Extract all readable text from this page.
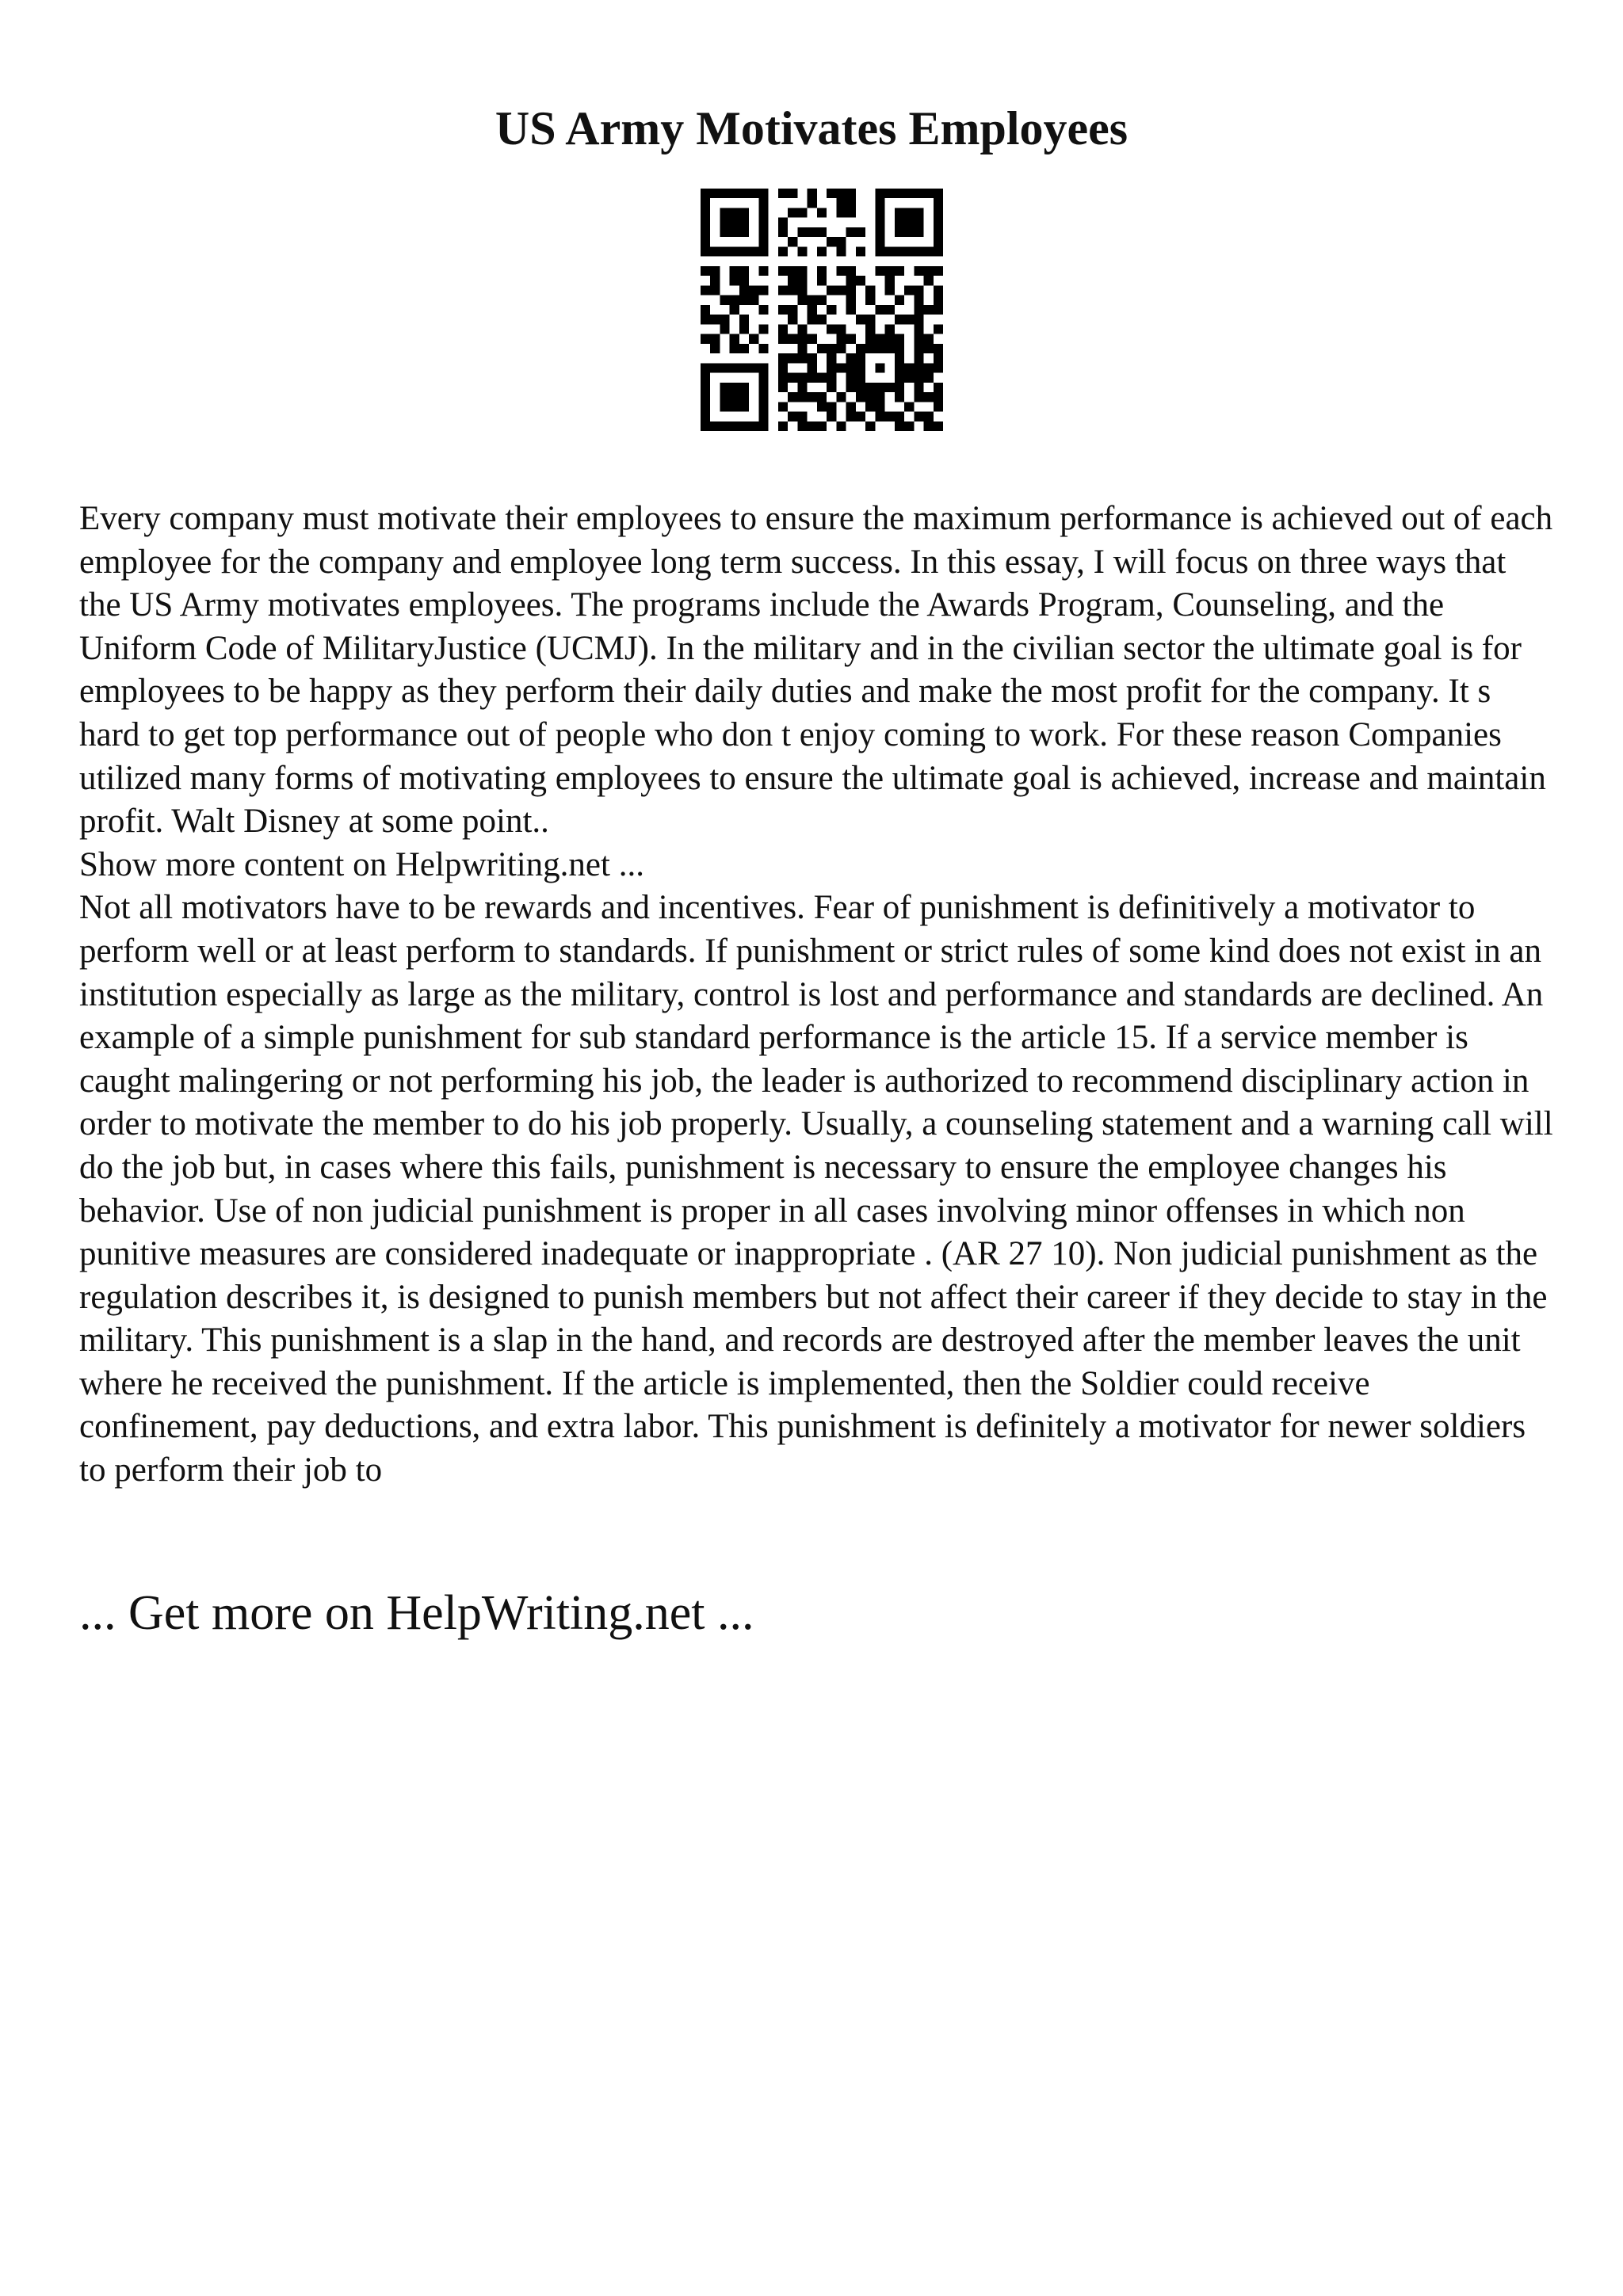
US Army Motivates Employees

Every company must motivate their employees to ensure the maximum performance is achieved out of each employee for the company and employee long term success. In this essay, I will focus on three ways that the US Army motivates employees. The programs include the Awards Program, Counseling, and the Uniform Code of MilitaryJustice (UCMJ). In the military and in the civilian sector the ultimate goal is for employees to be happy as they perform their daily duties and make the most profit for the company. It s hard to get top performance out of people who don t enjoy coming to work. For these reason Companies utilized many forms of motivating employees to ensure the ultimate goal is achieved, increase and maintain profit. Walt Disney at some point..

Show more content on Helpwriting.net ...

Not all motivators have to be rewards and incentives. Fear of punishment is definitively a motivator to perform well or at least perform to standards. If punishment or strict rules of some kind does not exist in an institution especially as large as the military, control is lost and performance and standards are declined. An example of a simple punishment for sub standard performance is the article 15. If a service member is caught malingering or not performing his job, the leader is authorized to recommend disciplinary action in order to motivate the member to do his job properly. Usually, a counseling statement and a warning call will do the job but, in cases where this fails, punishment is necessary to ensure the employee changes his behavior. Use of non judicial punishment is proper in all cases involving minor offenses in which non punitive measures are considered inadequate or inappropriate . (AR 27 10). Non judicial punishment as the regulation describes it, is designed to punish members but not affect their career if they decide to stay in the military. This punishment is a slap in the hand, and records are destroyed after the member leaves the unit where he received the punishment. If the article is implemented, then the Soldier could receive confinement, pay deductions, and extra labor. This punishment is definitely a motivator for newer soldiers to perform their job to

... Get more on HelpWriting.net ...
